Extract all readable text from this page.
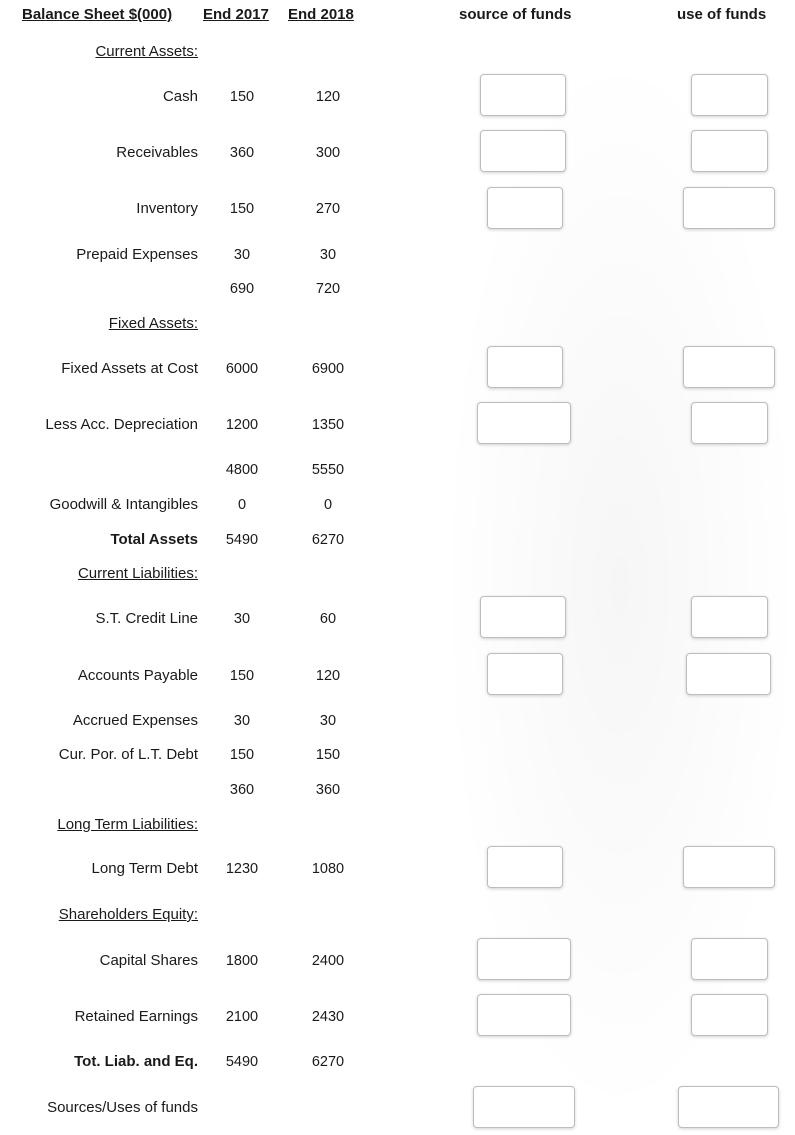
Balance Sheet $(000) End 2017 End 2018	source of funds	use of funds
Current Assets:
Cash 150	120
Receivables 360	300
Inventory 150	270
Prepaid Expenses 30	30
690	720
Fixed Assets:
Fixed Assets at Cost 6000	6900
Less Acc. Depreciation 1200	1350
4800	5550
Goodwill & Intangibles	0	0
Total Assets 5490	6270
Current Liabilities:
S.T. Credit Line 30	60
Accounts Payable 150	120
Accrued Expenses 30	30
Cur. Por. of L.T. Debt 150	150
360	360
Long Term Liabilities:
Long Term Debt 1230	1080
Shareholders Equity:
Capital Shares 1800	2400
Retained Earnings 2100	2430
Tot. Liab. and Eq. 5490	6270
Sources/Uses of funds
